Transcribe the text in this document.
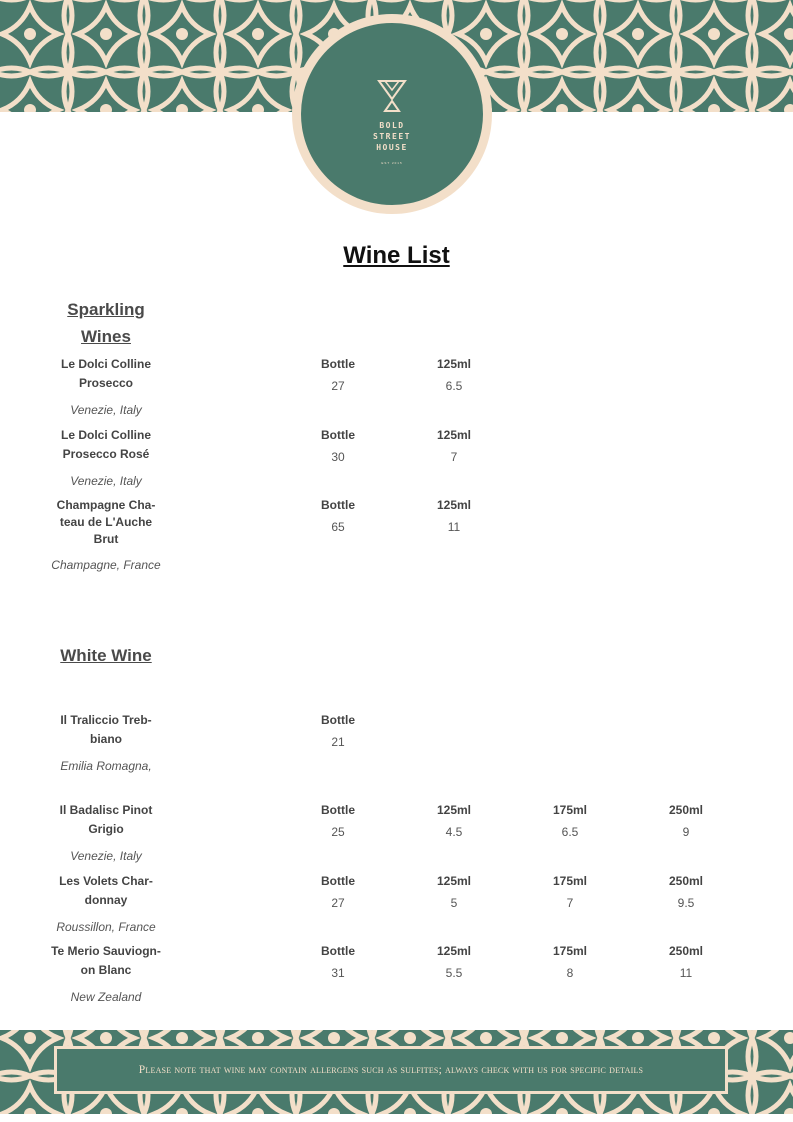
BOLD
STREET
HOUSE
EST 2015
Wine List
Sparkling
Wines
Le Dolci Colline
Prosecco
Venezie, Italy
Bottle
27
125ml
6.5
Le Dolci Colline
Prosecco Rosé
Venezie, Italy
Bottle
30
125ml
7
Champagne Cha-
teau de L'Auche
Brut
Champagne, France
Bottle
65
125ml
11
White Wine
Il Traliccio Treb-
biano
Emilia Romagna,
Bottle
21
Il Badalisc Pinot
Grigio
Venezie, Italy
Bottle
25
125ml
4.5
175ml
6.5
250ml
9
Les Volets Char-
donnay
Roussillon, France
Bottle
27
125ml
5
175ml
7
250ml
9.5
Te Merio Sauviogn-
on Blanc
New Zealand
Bottle
31
125ml
5.5
175ml
8
250ml
11
Please note that wine may contain allergens such as sulfites; always check with us for specific details
